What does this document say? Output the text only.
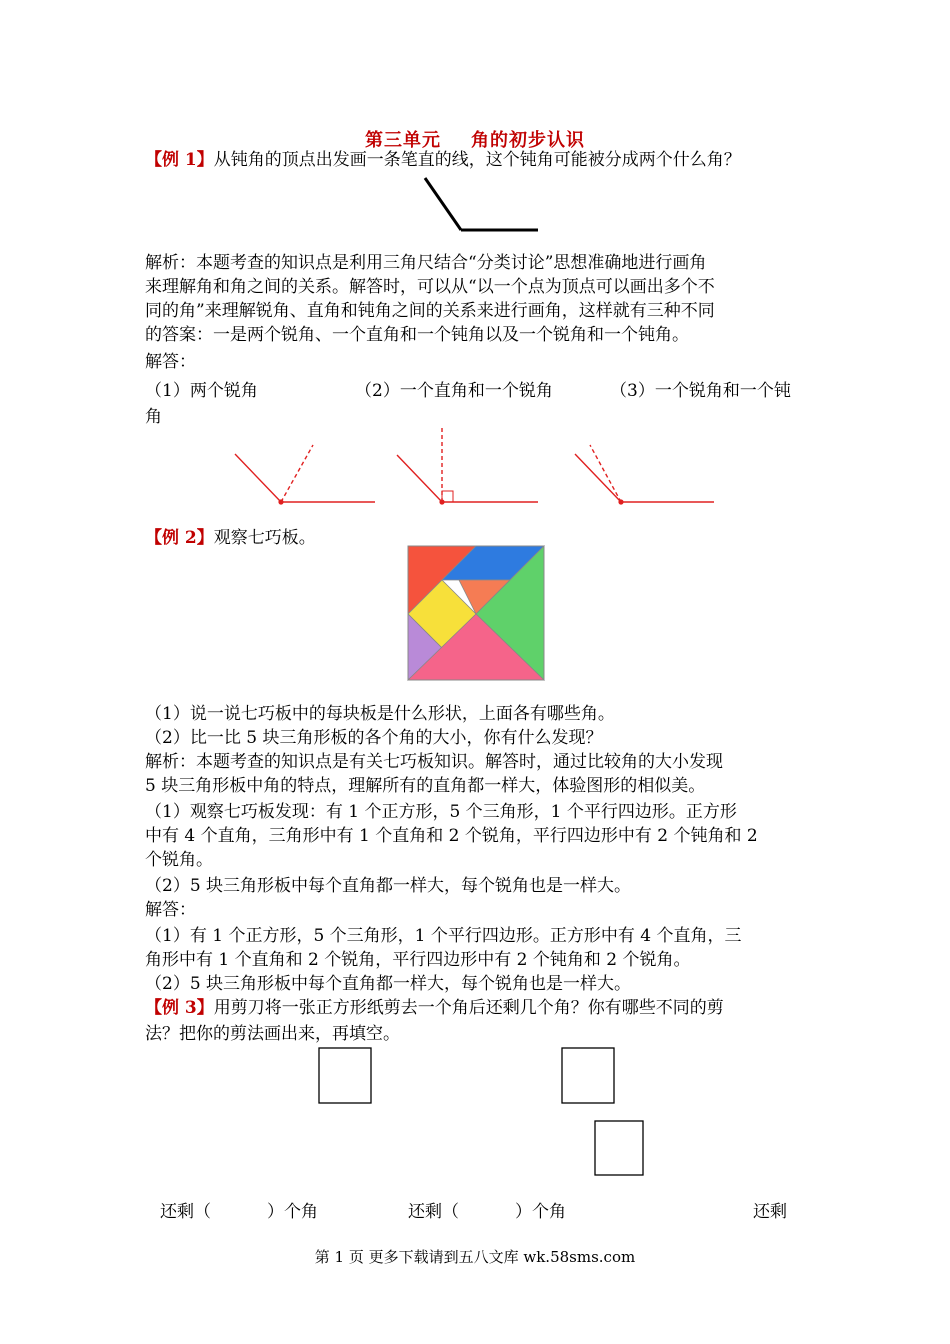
第三单元 角的初步认识
【例 1】从钝角的顶点出发画一条笔直的线，这个钝角可能被分成两个什么角？
解析：本题考查的知识点是利用三角尺结合“分类讨论”思想准确地进行画角
来理解角和角之间的关系。解答时，可以从“以一个点为顶点可以画出多个不
同的角”来理解锐角、直角和钝角之间的关系来进行画角，这样就有三种不同
的答案：一是两个锐角、一个直角和一个钝角以及一个锐角和一个钝角。
解答：
（1）两个锐角	（2）一个直角和一个锐角	（3）一个锐角和一个钝
角
【例 2】观察七巧板。
（1）说一说七巧板中的每块板是什么形状，上面各有哪些角。
（2）比一比 5 块三角形板的各个角的大小，你有什么发现？
解析：本题考查的知识点是有关七巧板知识。解答时，通过比较角的大小发现
5 块三角形板中角的特点，理解所有的直角都一样大，体验图形的相似美。
（1）观察七巧板发现：有 1 个正方形，5 个三角形，1 个平行四边形。正方形
中有 4 个直角，三角形中有 1 个直角和 2 个锐角，平行四边形中有 2 个钝角和 2
个锐角。
（2）5 块三角形板中每个直角都一样大，每个锐角也是一样大。
解答：
（1）有 1 个正方形，5 个三角形，1 个平行四边形。正方形中有 4 个直角，三
角形中有 1 个直角和 2 个锐角，平行四边形中有 2 个钝角和 2 个锐角。
（2）5 块三角形板中每个直角都一样大，每个锐角也是一样大。
【例 3】用剪刀将一张正方形纸剪去一个角后还剩几个角？你有哪些不同的剪
法？把你的剪法画出来，再填空。
还剩（	）个角	还剩（	）个角	还剩
第 1 页 更多下载请到五八文库 wk.58sms.com
